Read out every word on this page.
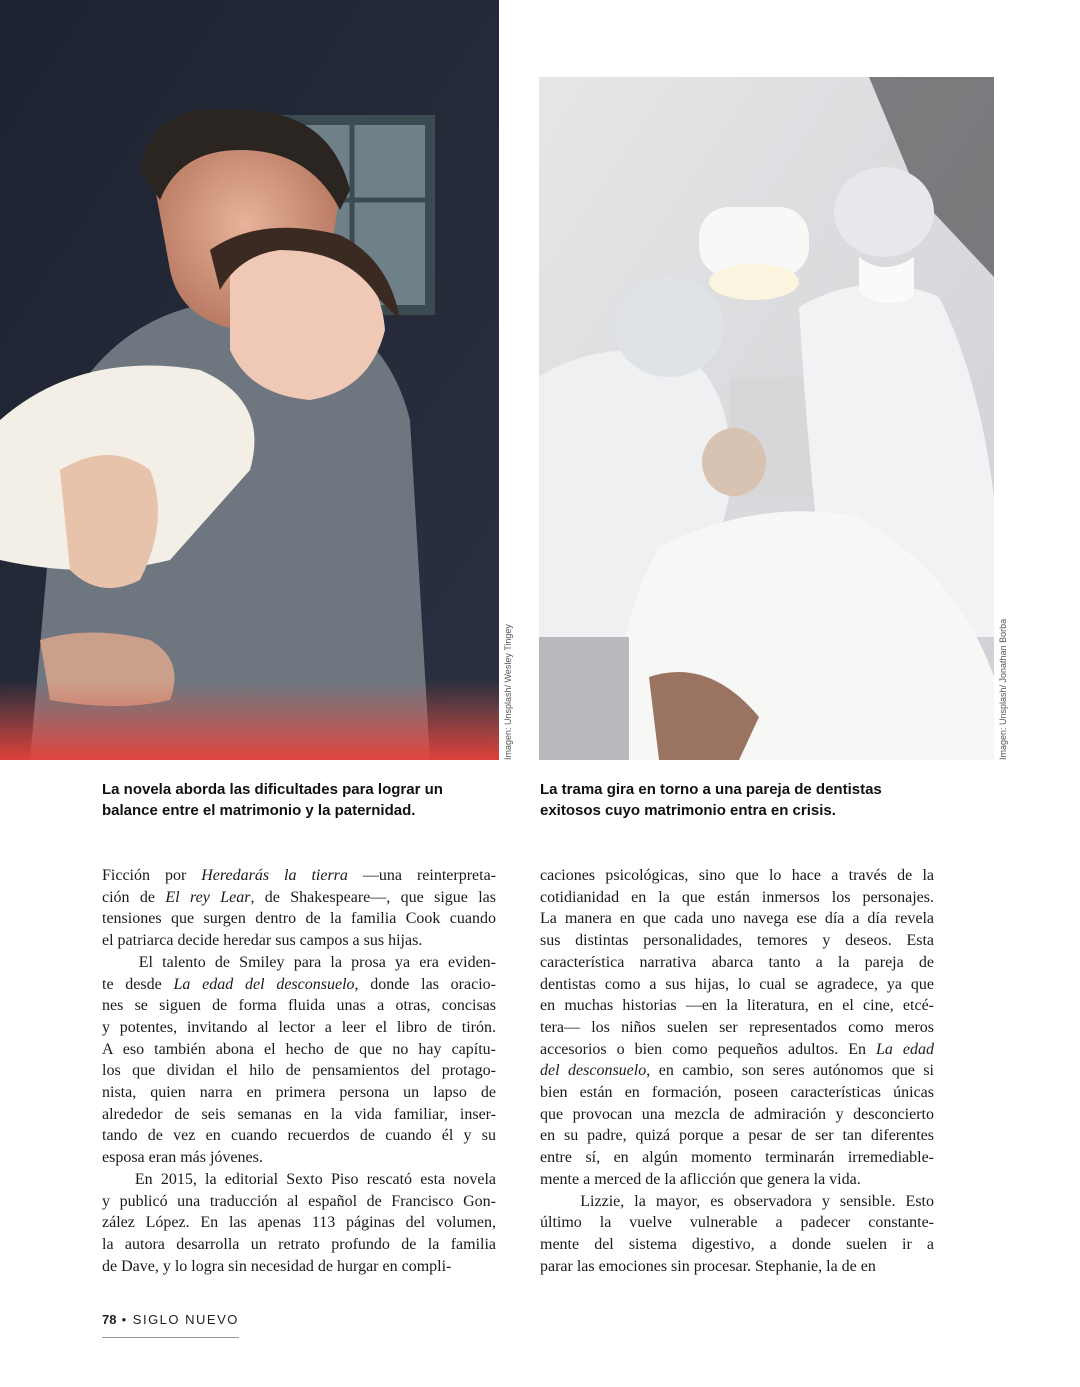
Imagen: Unsplash/ Wesley Tingey	Imagen: Unsplash/ Jonathan Borba
La novela aborda las dificultades para lograr un
balance entre el matrimonio y la paternidad.
La trama gira en torno a una pareja de dentistas
exitosos cuyo matrimonio entra en crisis.
Ficción por Heredarás la tierra —una reinterpreta-
ción de El rey Lear, de Shakespeare—, que sigue las
tensiones que surgen dentro de la familia Cook cuando
el patriarca decide heredar sus campos a sus hijas.
El talento de Smiley para la prosa ya era eviden-
te desde La edad del desconsuelo, donde las oracio-
nes se siguen de forma fluida unas a otras, concisas
y potentes, invitando al lector a leer el libro de tirón.
A eso también abona el hecho de que no hay capítu-
los que dividan el hilo de pensamientos del protago-
nista, quien narra en primera persona un lapso de
alrededor de seis semanas en la vida familiar, inser-
tando de vez en cuando recuerdos de cuando él y su
esposa eran más jóvenes.
En 2015, la editorial Sexto Piso rescató esta novela
y publicó una traducción al español de Francisco Gon-
zález López. En las apenas 113 páginas del volumen,
la autora desarrolla un retrato profundo de la familia
de Dave, y lo logra sin necesidad de hurgar en compli-
caciones psicológicas, sino que lo hace a través de la
cotidianidad en la que están inmersos los personajes.
La manera en que cada uno navega ese día a día revela
sus distintas personalidades, temores y deseos. Esta
característica narrativa abarca tanto a la pareja de
dentistas como a sus hijas, lo cual se agradece, ya que
en muchas historias —en la literatura, en el cine, etcé-
tera— los niños suelen ser representados como meros
accesorios o bien como pequeños adultos. En La edad
del desconsuelo, en cambio, son seres autónomos que si
bien están en formación, poseen características únicas
que provocan una mezcla de admiración y desconcierto
en su padre, quizá porque a pesar de ser tan diferentes
entre sí, en algún momento terminarán irremediable-
mente a merced de la aflicción que genera la vida.
Lizzie, la mayor, es observadora y sensible. Esto
último la vuelve vulnerable a padecer constante-
mente del sistema digestivo, a donde suelen ir a
parar las emociones sin procesar. Stephanie, la de en
78 • SIGLO NUEVO
